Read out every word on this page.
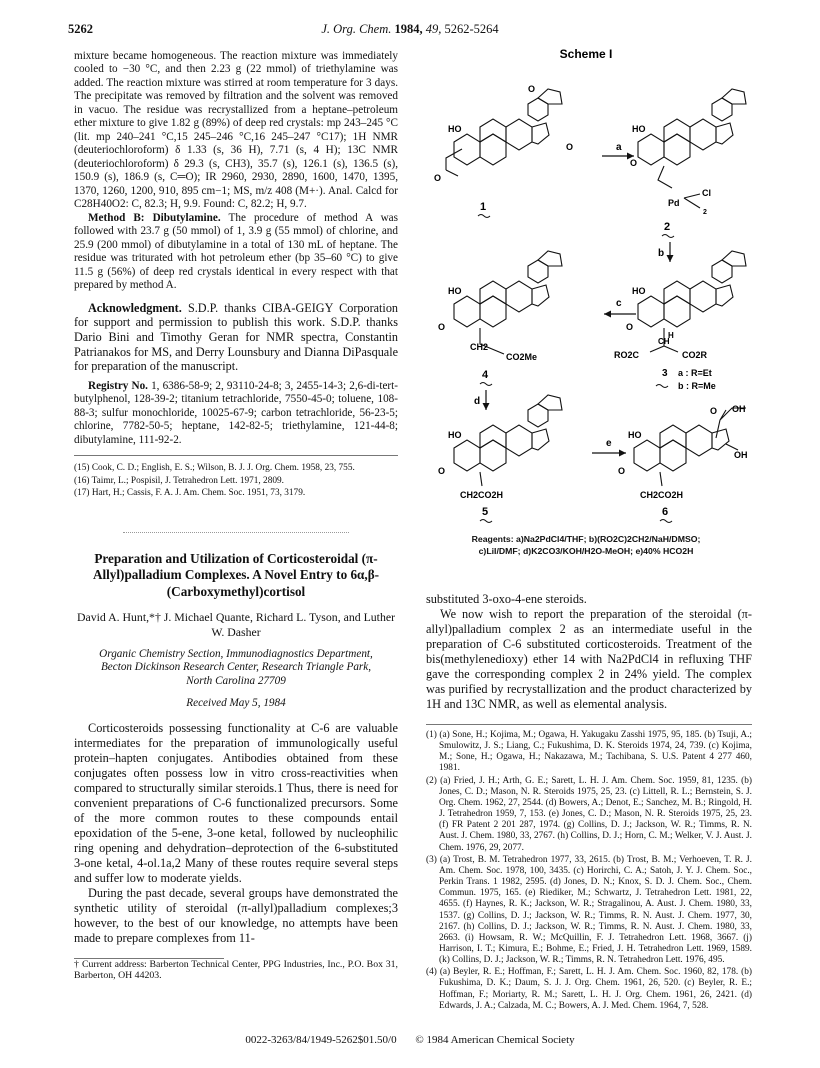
5262	J. Org. Chem. 1984, 49, 5262-5264

mixture became homogeneous. The reaction mixture was immediately cooled to −30 °C, and then 2.23 g (22 mmol) of triethylamine was added. The reaction mixture was stirred at room temperature for 3 days. The precipitate was removed by filtration and the solvent was removed in vacuo. The residue was recrystallized from a heptane–petroleum ether mixture to give 1.82 g (89%) of deep red crystals: mp 243–245 °C (lit. mp 240–241 °C,15 245–246 °C,16 245–247 °C17); 1H NMR (deuteriochloroform) δ 1.33 (s, 36 H), 7.71 (s, 4 H); 13C NMR (deuteriochloroform) δ 29.3 (s, CH3), 35.7 (s), 126.1 (s), 136.5 (s), 150.9 (s), 186.9 (s, C═O); IR 2960, 2930, 2890, 1600, 1470, 1395, 1370, 1260, 1200, 910, 895 cm−1; MS, m/z 408 (M+·). Anal. Calcd for C28H40O2: C, 82.3; H, 9.9. Found: C, 82.2; H, 9.7.

Method B: Dibutylamine. The procedure of method A was followed with 23.7 g (50 mmol) of 1, 3.9 g (55 mmol) of chlorine, and 25.9 (200 mmol) of dibutylamine in a total of 130 mL of heptane. The residue was triturated with hot petroleum ether (bp 35–60 °C) to give 11.5 g (56%) of deep red crystals identical in every respect with that prepared by method A.

Acknowledgment. S.D.P. thanks CIBA-GEIGY Corporation for support and permission to publish this work. S.D.P. thanks Dario Bini and Timothy Geran for NMR spectra, Constantin Patrianakos for MS, and Derry Lounsbury and Dianna DiPasquale for preparation of the manuscript.

Registry No. 1, 6386-58-9; 2, 93110-24-8; 3, 2455-14-3; 2,6-di-tert-butylphenol, 128-39-2; titanium tetrachloride, 7550-45-0; toluene, 108-88-3; sulfur monochloride, 10025-67-9; carbon tetrachloride, 56-23-5; chlorine, 7782-50-5; heptane, 142-82-5; triethylamine, 121-44-8; dibutylamine, 111-92-2.

(15) Cook, C. D.; English, E. S.; Wilson, B. J. J. Org. Chem. 1958, 23, 755.

(16) Taimr, L.; Pospisil, J. Tetrahedron Lett. 1971, 2809.

(17) Hart, H.; Cassis, F. A. J. Am. Chem. Soc. 1951, 73, 3179.

Preparation and Utilization of Corticosteroidal (π-Allyl)palladium Complexes. A Novel Entry to 6α,β-(Carboxymethyl)cortisol

David A. Hunt,*† J. Michael Quante, Richard L. Tyson, and Luther W. Dasher

Organic Chemistry Section, Immunodiagnostics Department, Becton Dickinson Research Center, Research Triangle Park, North Carolina 27709

Received May 5, 1984

Corticosteroids possessing functionality at C-6 are valuable intermediates for the preparation of immunologically useful protein–hapten conjugates. Antibodies obtained from these conjugates often possess low in vitro cross-reactivities when compared to structurally similar steroids.1 Thus, there is need for convenient preparations of C-6 functionalized precursors. Some of the more common routes to these compounds entail epoxidation of the 5-ene, 3-one ketal, followed by nucleophilic ring opening and dehydration–deprotection of the 6-substituted 3-one ketal, 4-ol.1a,2 Many of these routes require several steps and suffer low to moderate yields.

During the past decade, several groups have demonstrated the synthetic utility of steroidal (π-allyl)palladium complexes;3 however, to the best of our knowledge, no attempts have been made to prepare complexes from 11-

† Current address: Barberton Technical Center, PPG Industries, Inc., P.O. Box 31, Barberton, OH 44203.

Scheme I
HO
O
O
O
1
a
HO
O
Pd
Cl
2
2
b
HO
O
H
CH
RO2C	CO2R
3 a : R=Et
b : R=Me
c
HO
O
CH2
CO2Me
4
d
HO
O
CH2CO2H
5
e
HO
O
O OH
OH
CH2CO2H
6
Reagents: a)Na2PdCl4/THF; b)(RO2C)2CH2/NaH/DMSO;
c)LiI/DMF; d)K2CO3/KOH/H2O-MeOH; e)40% HCO2H

substituted 3-oxo-4-ene steroids.

We now wish to report the preparation of the steroidal (π-allyl)palladium complex 2 as an intermediate useful in the preparation of C-6 substituted corticosteroids. Treatment of the bis(methylenedioxy) ether 14 with Na2PdCl4 in refluxing THF gave the corresponding complex 2 in 24% yield. The complex was purified by recrystallization and the product characterized by 1H and 13C NMR, as well as elemental analysis.

(1) (a) Sone, H.; Kojima, M.; Ogawa, H. Yakugaku Zasshi 1975, 95, 185. (b) Tsuji, A.; Smulowitz, J. S.; Liang, C.; Fukushima, D. K. Steroids 1974, 24, 739. (c) Kojima, M.; Sone, H.; Ogawa, H.; Nakazawa, M.; Tachibana, S. U.S. Patent 4 277 460, 1981.

(2) (a) Fried, J. H.; Arth, G. E.; Sarett, L. H. J. Am. Chem. Soc. 1959, 81, 1235. (b) Jones, C. D.; Mason, N. R. Steroids 1975, 25, 23. (c) Littell, R. L.; Bernstein, S. J. Org. Chem. 1962, 27, 2544. (d) Bowers, A.; Denot, E.; Sanchez, M. B.; Ringold, H. J. Tetrahedron 1959, 7, 153. (e) Jones, C. D.; Mason, N. R. Steroids 1975, 25, 23. (f) FR Patent 2 201 287, 1974. (g) Collins, D. J.; Jackson, W. R.; Timms, R. N. Aust. J. Chem. 1980, 33, 2767. (h) Collins, D. J.; Horn, C. M.; Welker, V. J. Aust. J. Chem. 1976, 29, 2077.

(3) (a) Trost, B. M. Tetrahedron 1977, 33, 2615. (b) Trost, B. M.; Verhoeven, T. R. J. Am. Chem. Soc. 1978, 100, 3435. (c) Horirchi, C. A.; Satoh, J. Y. J. Chem. Soc., Perkin Trans. 1 1982, 2595. (d) Jones, D. N.; Knox, S. D. J. Chem. Soc., Chem. Commun. 1975, 165. (e) Riediker, M.; Schwartz, J. Tetrahedron Lett. 1981, 22, 4655. (f) Haynes, R. K.; Jackson, W. R.; Stragalinou, A. Aust. J. Chem. 1980, 33, 1537. (g) Collins, D. J.; Jackson, W. R.; Timms, R. N. Aust. J. Chem. 1977, 30, 2167. (h) Collins, D. J.; Jackson, W. R.; Timms, R. N. Aust. J. Chem. 1980, 33, 2663. (i) Howsam, R. W.; McQuillin, F. J. Tetrahedron Lett. 1968, 3667. (j) Harrison, I. T.; Kimura, E.; Bohme, E.; Fried, J. H. Tetrahedron Lett. 1969, 1589. (k) Collins, D. J.; Jackson, W. R.; Timms, R. N. Tetrahedron Lett. 1976, 495.

(4) (a) Beyler, R. E.; Hoffman, F.; Sarett, L. H. J. Am. Chem. Soc. 1960, 82, 178. (b) Fukushima, D. K.; Daum, S. J. J. Org. Chem. 1961, 26, 520. (c) Beyler, R. E.; Hoffman, F.; Moriarty, R. M.; Sarett, L. H. J. Org. Chem. 1961, 26, 2421. (d) Edwards, J. A.; Calzada, M. C.; Bowers, A. J. Med. Chem. 1964, 7, 528.

0022-3263/84/1949-5262$01.50/0 © 1984 American Chemical Society
